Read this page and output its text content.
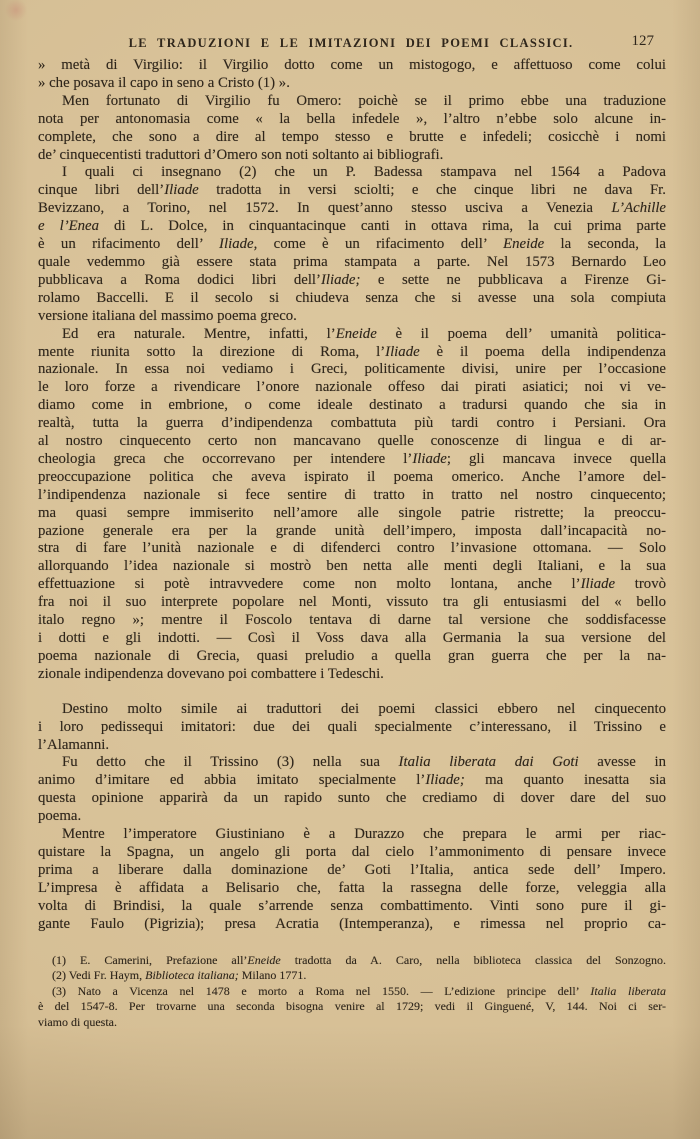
LE TRADUZIONI E LE IMITAZIONI DEI POEMI CLASSICI.	127
» metà di Virgilio: il Virgilio dotto come un mistogogo, e affettuoso come colui
» che posava il capo in seno a Cristo (1) ».
Men fortunato di Virgilio fu Omero: poichè se il primo ebbe una traduzione
nota per antonomasia come « la bella infedele », l’altro n’ebbe solo alcune in-
complete, che sono a dire al tempo stesso e brutte e infedeli; cosicchè i nomi
de’ cinquecentisti traduttori d’Omero son noti soltanto ai bibliografi.
I quali ci insegnano (2) che un P. Badessa stampava nel 1564 a Padova
cinque libri dell’Iliade tradotta in versi sciolti; e che cinque libri ne dava Fr.
Bevizzano, a Torino, nel 1572. In quest’anno stesso usciva a Venezia L’Achille
e l’Enea di L. Dolce, in cinquantacinque canti in ottava rima, la cui prima parte
è un rifacimento dell’ Iliade, come è un rifacimento dell’ Eneide la seconda, la
quale vedemmo già essere stata prima stampata a parte. Nel 1573 Bernardo Leo
pubblicava a Roma dodici libri dell’Iliade; e sette ne pubblicava a Firenze Gi-
rolamo Baccelli. E il secolo si chiudeva senza che si avesse una sola compiuta
versione italiana del massimo poema greco.
Ed era naturale. Mentre, infatti, l’Eneide è il poema dell’ umanità politica-
mente riunita sotto la direzione di Roma, l’Iliade è il poema della indipendenza
nazionale. In essa noi vediamo i Greci, politicamente divisi, unire per l’occasione
le loro forze a rivendicare l’onore nazionale offeso dai pirati asiatici; noi vi ve-
diamo come in embrione, o come ideale destinato a tradursi quando che sia in
realtà, tutta la guerra d’indipendenza combattuta più tardi contro i Persiani. Ora
al nostro cinquecento certo non mancavano quelle conoscenze di lingua e di ar-
cheologia greca che occorrevano per intendere l’Iliade; gli mancava invece quella
preoccupazione politica che aveva ispirato il poema omerico. Anche l’amore del-
l’indipendenza nazionale si fece sentire di tratto in tratto nel nostro cinquecento;
ma quasi sempre immiserito nell’amore alle singole patrie ristrette; la preoccu-
pazione generale era per la grande unità dell’impero, imposta dall’incapacità no-
stra di fare l’unità nazionale e di difenderci contro l’invasione ottomana. — Solo
allorquando l’idea nazionale si mostrò ben netta alle menti degli Italiani, e la sua
effettuazione si potè intravvedere come non molto lontana, anche l’Iliade trovò
fra noi il suo interprete popolare nel Monti, vissuto tra gli entusiasmi del « bello
italo regno »; mentre il Foscolo tentava di darne tal versione che soddisfacesse
i dotti e gli indotti. — Così il Voss dava alla Germania la sua versione del
poema nazionale di Grecia, quasi preludio a quella gran guerra che per la na-
zionale indipendenza dovevano poi combattere i Tedeschi.
Destino molto simile ai traduttori dei poemi classici ebbero nel cinquecento
i loro pedissequi imitatori: due dei quali specialmente c’interessano, il Trissino e
l’Alamanni.
Fu detto che il Trissino (3) nella sua Italia liberata dai Goti avesse in
animo d’imitare ed abbia imitato specialmente l’Iliade; ma quanto inesatta sia
questa opinione apparirà da un rapido sunto che crediamo di dover dare del suo
poema.
Mentre l’imperatore Giustiniano è a Durazzo che prepara le armi per riac-
quistare la Spagna, un angelo gli porta dal cielo l’ammonimento di pensare invece
prima a liberare dalla dominazione de’ Goti l’Italia, antica sede dell’ Impero.
L’impresa è affidata a Belisario che, fatta la rassegna delle forze, veleggia alla
volta di Brindisi, la quale s’arrende senza combattimento. Vinti sono pure il gi-
gante Faulo (Pigrizia); presa Acratia (Intemperanza), e rimessa nel proprio ca-
(1) E. Camerini, Prefazione all’Eneide tradotta da A. Caro, nella biblioteca classica del Sonzogno.
(2) Vedi Fr. Haym, Biblioteca italiana; Milano 1771.
(3) Nato a Vicenza nel 1478 e morto a Roma nel 1550. — L’edizione principe dell’ Italia liberata
è del 1547-8. Per trovarne una seconda bisogna venire al 1729; vedi il Ginguené, V, 144. Noi ci ser-
viamo di questa.
